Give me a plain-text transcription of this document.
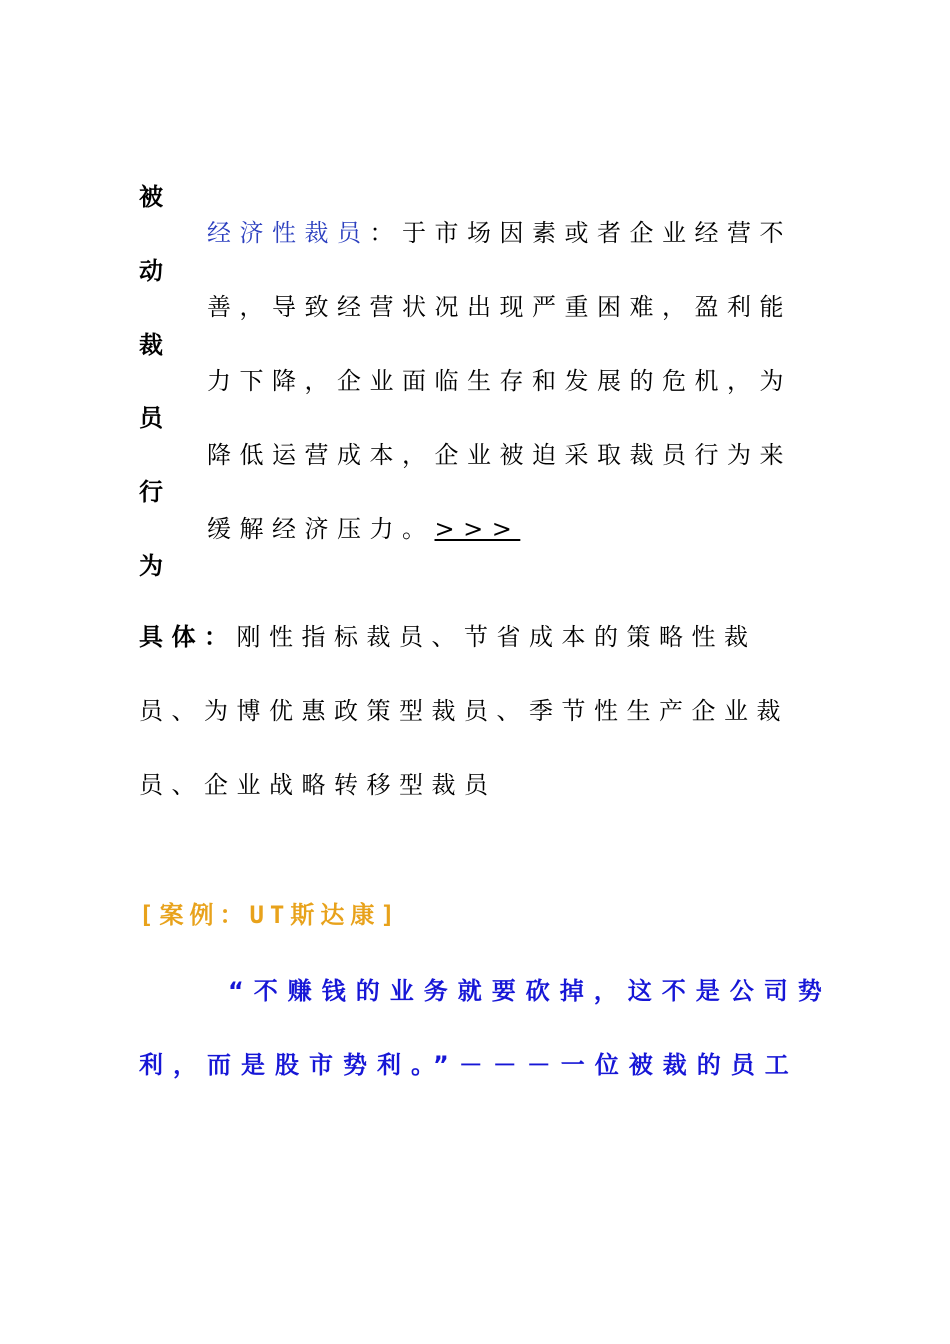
被
动
裁
员
行
为
经济性裁员：于市场因素或者企业经营不
善，导致经营状况出现严重困难，盈利能
力下降，企业面临生存和发展的危机，为
降低运营成本，企业被迫采取裁员行为来
缓解经济压力。>>>
具体：刚性指标裁员、节省成本的策略性裁
员、为博优惠政策型裁员、季节性生产企业裁
员、企业战略转移型裁员
[案例：UT斯达康]
“不赚钱的业务就要砍掉，这不是公司势
利，而是股市势利。”－－－一位被裁的员工
